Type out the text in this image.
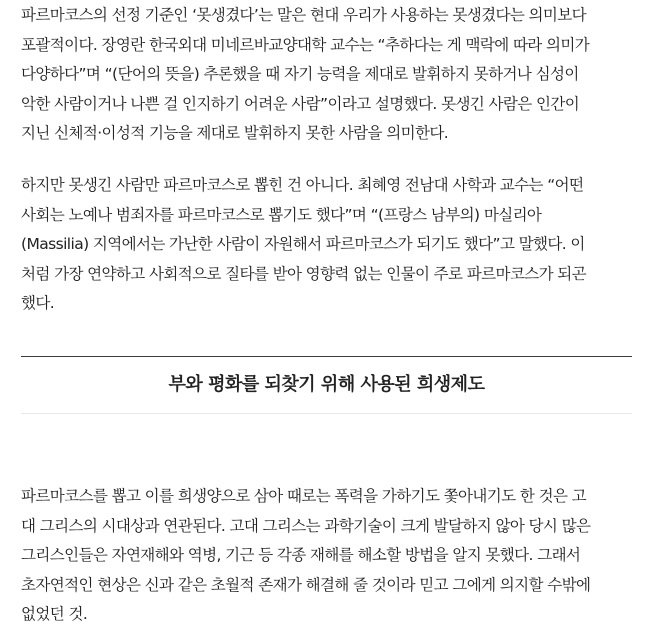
파르마코스의 선정 기준인 ‘못생겼다’는 말은 현대 우리가 사용하는 못생겼다는 의미보다
포괄적이다. 장영란 한국외대 미네르바교양대학 교수는 “추하다는 게 맥락에 따라 의미가
다양하다”며 “(단어의 뜻을) 추론했을 때 자기 능력을 제대로 발휘하지 못하거나 심성이
악한 사람이거나 나쁜 걸 인지하기 어려운 사람”이라고 설명했다. 못생긴 사람은 인간이
지닌 신체적·이성적 기능을 제대로 발휘하지 못한 사람을 의미한다.

하지만 못생긴 사람만 파르마코스로 뽑힌 건 아니다. 최혜영 전남대 사학과 교수는 “어떤
사회는 노예나 범죄자를 파르마코스로 뽑기도 했다”며 “(프랑스 남부의) 마실리아
(Massilia) 지역에서는 가난한 사람이 자원해서 파르마코스가 되기도 했다”고 말했다. 이
처럼 가장 연약하고 사회적으로 질타를 받아 영향력 없는 인물이 주로 파르마코스가 되곤
했다.

부와 평화를 되찾기 위해 사용된 희생제도

파르마코스를 뽑고 이를 희생양으로 삼아 때로는 폭력을 가하기도 쫓아내기도 한 것은 고
대 그리스의 시대상과 연관된다. 고대 그리스는 과학기술이 크게 발달하지 않아 당시 많은
그리스인들은 자연재해와 역병, 기근 등 각종 재해를 해소할 방법을 알지 못했다. 그래서
초자연적인 현상은 신과 같은 초월적 존재가 해결해 줄 것이라 믿고 그에게 의지할 수밖에
없었던 것.
